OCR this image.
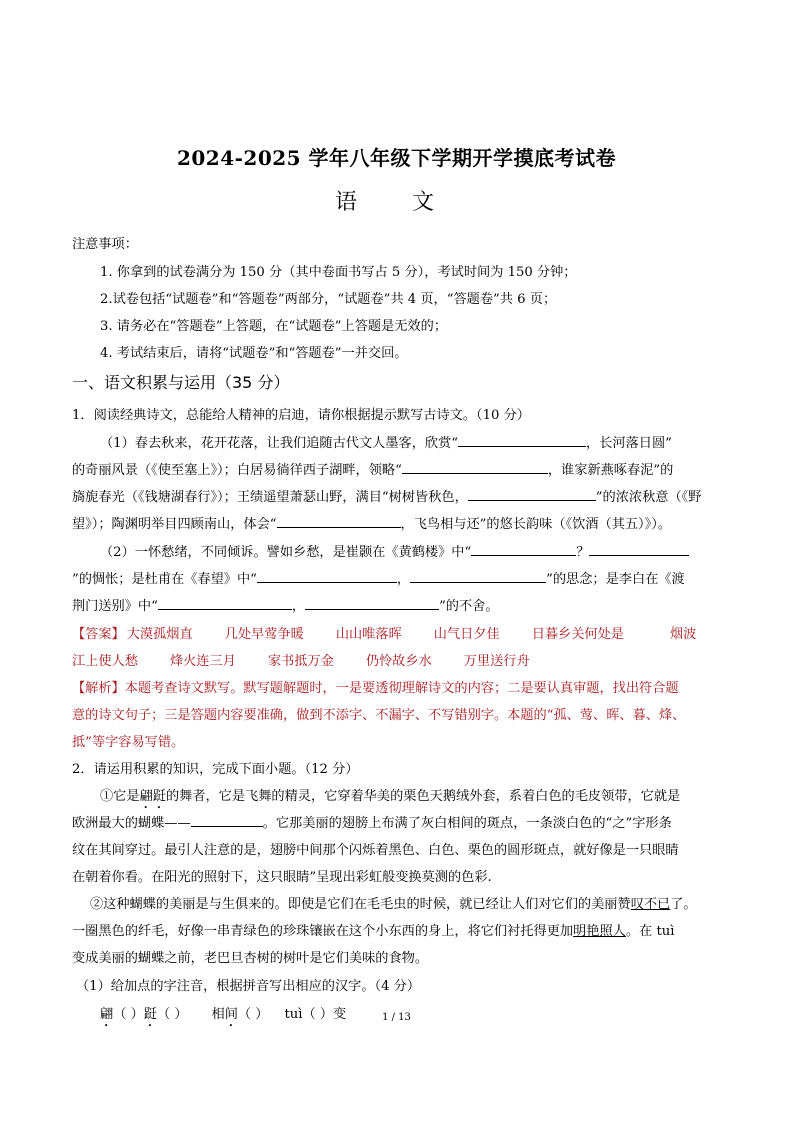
2024-2025 学年八年级下学期开学摸底考试卷
语 文
注意事项：
1. 你拿到的试卷满分为 150 分（其中卷面书写占 5 分），考试时间为 150 分钟；
2.试卷包括“试题卷”和“答题卷”两部分，“试题卷”共 4 页，“答题卷”共 6 页；
3. 请务必在“答题卷”上答题，在“试题卷”上答题是无效的；
4. 考试结束后，请将“试题卷”和“答题卷”一并交回。
一、语文积累与运用（35 分）
1．阅读经典诗文，总能给人精神的启迪，请你根据提示默写古诗文。（10 分）
（1）春去秋来，花开花落，让我们追随古代文人墨客，欣赏“	，长河落日圆”
的奇丽风景（《使至塞上》）；白居易徜徉西子湖畔，领略“	，谁家新燕啄春泥”的
旖旎春光（《钱塘湖春行》）；王绩遥望萧瑟山野，满目“树树皆秋色，	”的浓浓秋意（《野
望》）；陶渊明举目四顾南山，体会“	，飞鸟相与还”的悠长韵味（《饮酒（其五）》）。
（2）一怀愁绪，不同倾诉。譬如乡愁，是崔颢在《黄鹤楼》中“	？
”的惆怅；是杜甫在《春望》中“	，	”的思念；是李白在《渡
荆门送别》中“	，	”的不舍。
【答案】 大漠孤烟直 几处早莺争暖 山山唯落晖 山气日夕佳 日暮乡关何处是	烟波
江上使人愁 烽火连三月 家书抵万金 仍怜故乡水 万里送行舟
【解析】本题考查诗文默写。默写题解题时，一是要透彻理解诗文的内容；二是要认真审题，找出符合题
意的诗文句子；三是答题内容要准确，做到不添字、不漏字、不写错别字。本题的“孤、莺、晖、暮、烽、
抵”等字容易写错。
2．请运用积累的知识，完成下面小题。（12 分）
①它是翩跹的舞者，它是飞舞的精灵，它穿着华美的栗色天鹅绒外套，系着白色的毛皮领带，它就是
欧洲最大的蝴蝶——	。它那美丽的翅膀上布满了灰白相间的斑点，一条淡白色的“之”字形条
纹在其间穿过。最引人注意的是，翅膀中间那个闪烁着黑色、白色、栗色的圆形斑点，就好像是一只眼睛
在朝着你看。在阳光的照射下，这只眼睛”呈现出彩虹般变换莫测的色彩.
②这种蝴蝶的美丽是与生俱来的。即使是它们在毛毛虫的时候，就已经让人们对它们的美丽赞叹不已了。
一圈黑色的纤毛，好像一串青绿色的珍珠镶嵌在这个小东西的身上，将它们衬托得更加明艳照人。在 tuì
变成美丽的蝴蝶之前，老巴旦杏树的树叶是它们美味的食物。
（1）给加点的字注音，根据拼音写出相应的汉字。（4 分）
翩（ ）跹（ ） 相间（ ） tuì（ ）变	1 / 13
